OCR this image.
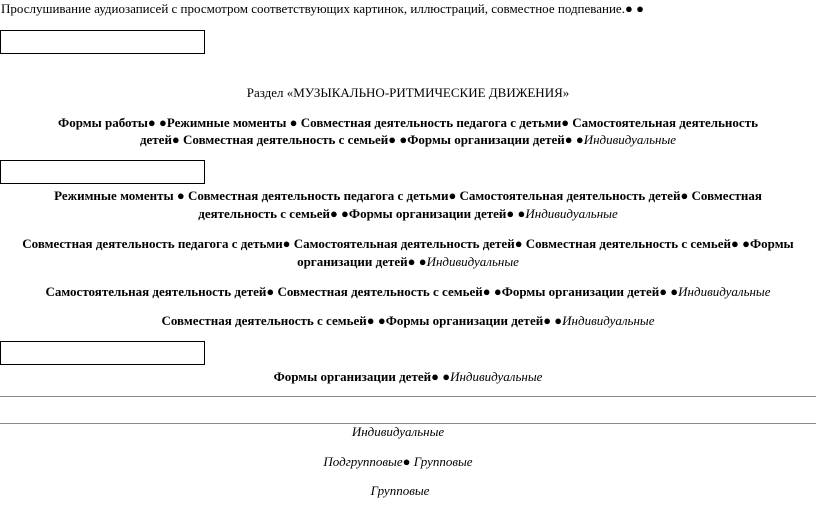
Прослушивание аудиозаписей с просмотром соответствующих картинок, иллюстраций, совместное подпевание.● ●
Раздел «МУЗЫКАЛЬНО-РИТМИЧЕСКИЕ ДВИЖЕНИЯ»
Формы работы● ●Режимные моменты ● Совместная деятельность педагога с детьми● Самостоятельная деятельность
детей● Совместная деятельность с семьей● ●Формы организации детей● ●Индивидуальные
Режимные моменты ● Совместная деятельность педагога с детьми● Самостоятельная деятельность детей● Совместная
деятельность с семьей● ●Формы организации детей● ●Индивидуальные
Совместная деятельность педагога с детьми● Самостоятельная деятельность детей● Совместная деятельность с семьей● ●Формы
организации детей● ●Индивидуальные
Самостоятельная деятельность детей● Совместная деятельность с семьей● ●Формы организации детей● ●Индивидуальные
Совместная деятельность с семьей● ●Формы организации детей● ●Индивидуальные
Формы организации детей● ●Индивидуальные
Индивидуальные
Подгрупповые● Групповые
Групповые
